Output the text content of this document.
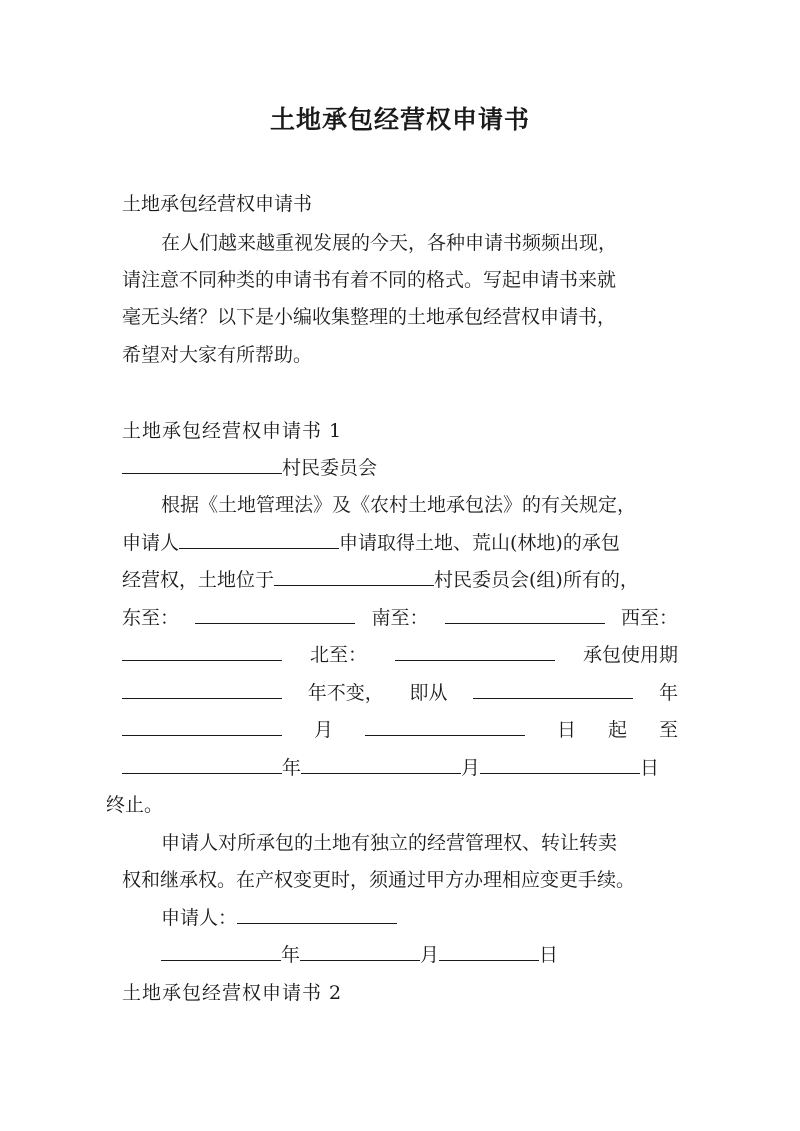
土地承包经营权申请书
土地承包经营权申请书
在人们越来越重视发展的今天，各种申请书频频出现，
请注意不同种类的申请书有着不同的格式。写起申请书来就
毫无头绪？以下是小编收集整理的土地承包经营权申请书，
希望对大家有所帮助。
土地承包经营权申请书 1
村民委员会
根据《土地管理法》及《农村土地承包法》的有关规定，
申请人	申请取得土地、荒山(林地)的承包
经营权，土地位于	村民委员会(组)所有的，
东至：	南至：	西至：
北至：	承包使用期
年不变， 即从	年
月	日 起 至
年	月	日
终止。
申请人对所承包的土地有独立的经营管理权、转让转卖
权和继承权。在产权变更时，须通过甲方办理相应变更手续。
申请人：
年	月	日
土地承包经营权申请书 2
